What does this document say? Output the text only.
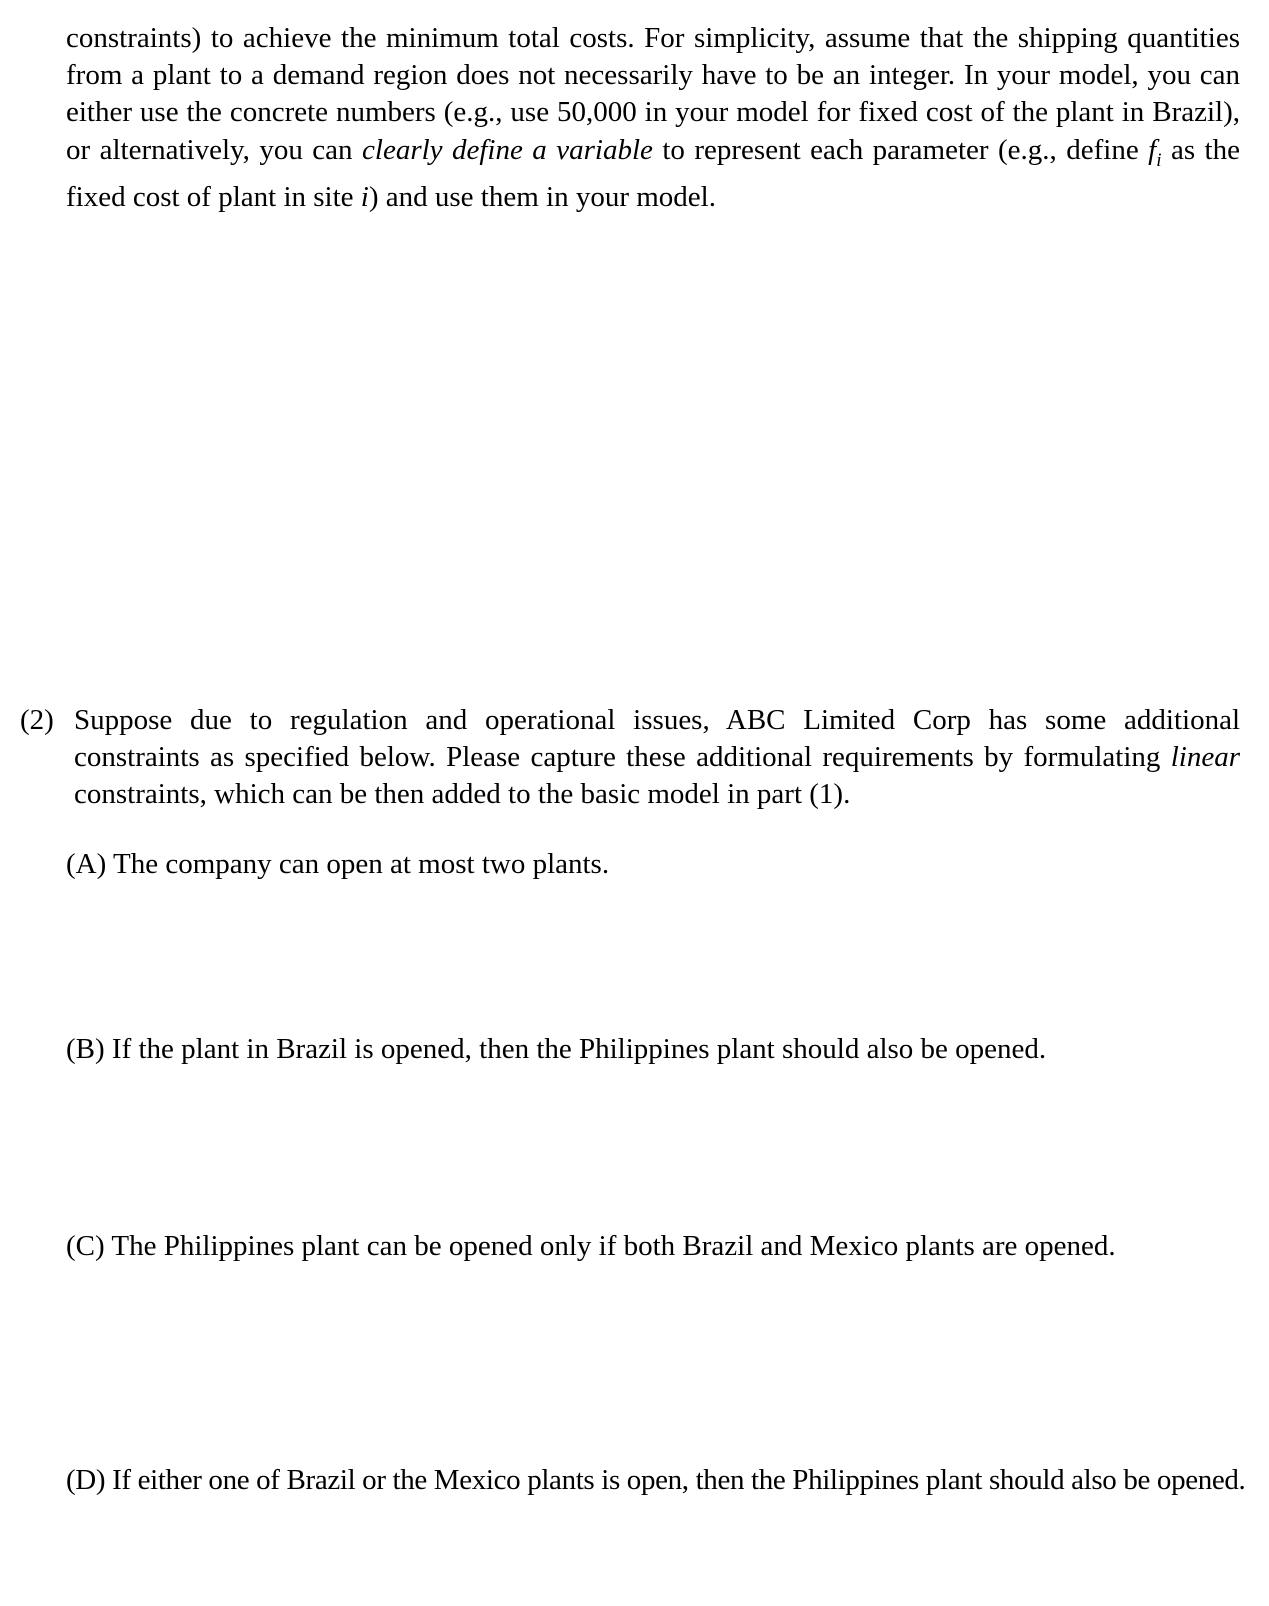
constraints) to achieve the minimum total costs. For simplicity, assume that the shipping quantities from a plant to a demand region does not necessarily have to be an integer. In your model, you can either use the concrete numbers (e.g., use 50,000 in your model for fixed cost of the plant in Brazil), or alternatively, you can clearly define a variable to represent each parameter (e.g., define $f_i$ as the fixed cost of plant in site i) and use them in your model.

(2) Suppose due to regulation and operational issues, ABC Limited Corp has some additional constraints as specified below. Please capture these additional requirements by formulating linear constraints, which can be then added to the basic model in part (1).

(A) The company can open at most two plants.
(B) If the plant in Brazil is opened, then the Philippines plant should also be opened.
(C) The Philippines plant can be opened only if both Brazil and Mexico plants are opened.
(D) If either one of Brazil or the Mexico plants is open, then the Philippines plant should also be opened.
